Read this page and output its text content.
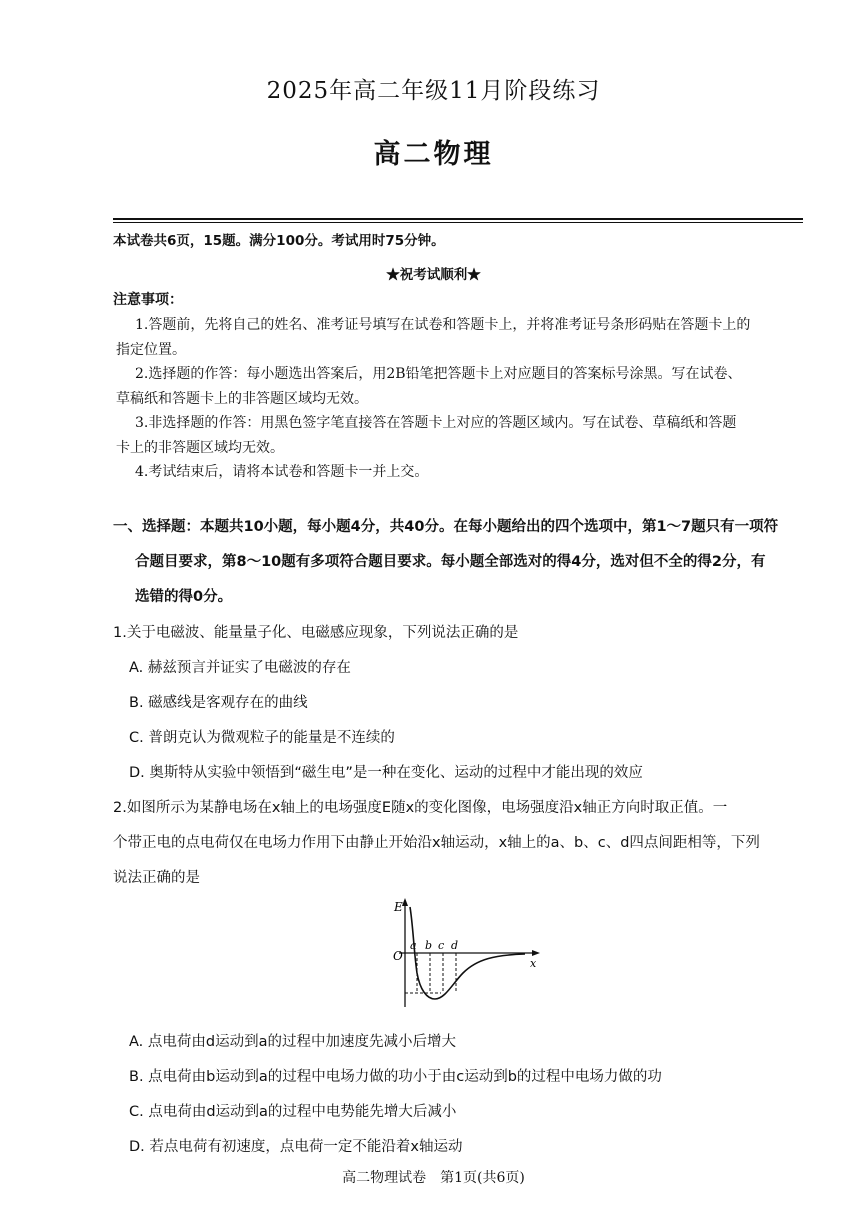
2025年高二年级11月阶段练习
高二物理
本试卷共6页，15题。满分100分。考试用时75分钟。
★祝考试顺利★
注意事项：
1.答题前，先将自己的姓名、准考证号填写在试卷和答题卡上，并将准考证号条形码贴在答题卡上的
指定位置。
2.选择题的作答：每小题选出答案后，用2B铅笔把答题卡上对应题目的答案标号涂黑。写在试卷、
草稿纸和答题卡上的非答题区域均无效。
3.非选择题的作答：用黑色签字笔直接答在答题卡上对应的答题区域内。写在试卷、草稿纸和答题
卡上的非答题区域均无效。
4.考试结束后，请将本试卷和答题卡一并上交。
一、选择题：本题共10小题，每小题4分，共40分。在每小题给出的四个选项中，第1～7题只有一项符
合题目要求，第8～10题有多项符合题目要求。每小题全部选对的得4分，选对但不全的得2分，有
选错的得0分。
1.关于电磁波、能量量子化、电磁感应现象，下列说法正确的是
A. 赫兹预言并证实了电磁波的存在
B. 磁感线是客观存在的曲线
C. 普朗克认为微观粒子的能量是不连续的
D. 奥斯特从实验中领悟到“磁生电”是一种在变化、运动的过程中才能出现的效应
2.如图所示为某静电场在x轴上的电场强度E随x的变化图像，电场强度沿x轴正方向时取正值。一
个带正电的点电荷仅在电场力作用下由静止开始沿x轴运动，x轴上的a、b、c、d四点间距相等，下列
说法正确的是
E
O
x
a b c d
A. 点电荷由d运动到a的过程中加速度先减小后增大
B. 点电荷由b运动到a的过程中电场力做的功小于由c运动到b的过程中电场力做的功
C. 点电荷由d运动到a的过程中电势能先增大后减小
D. 若点电荷有初速度，点电荷一定不能沿着x轴运动
高二物理试卷　第1页(共6页)
